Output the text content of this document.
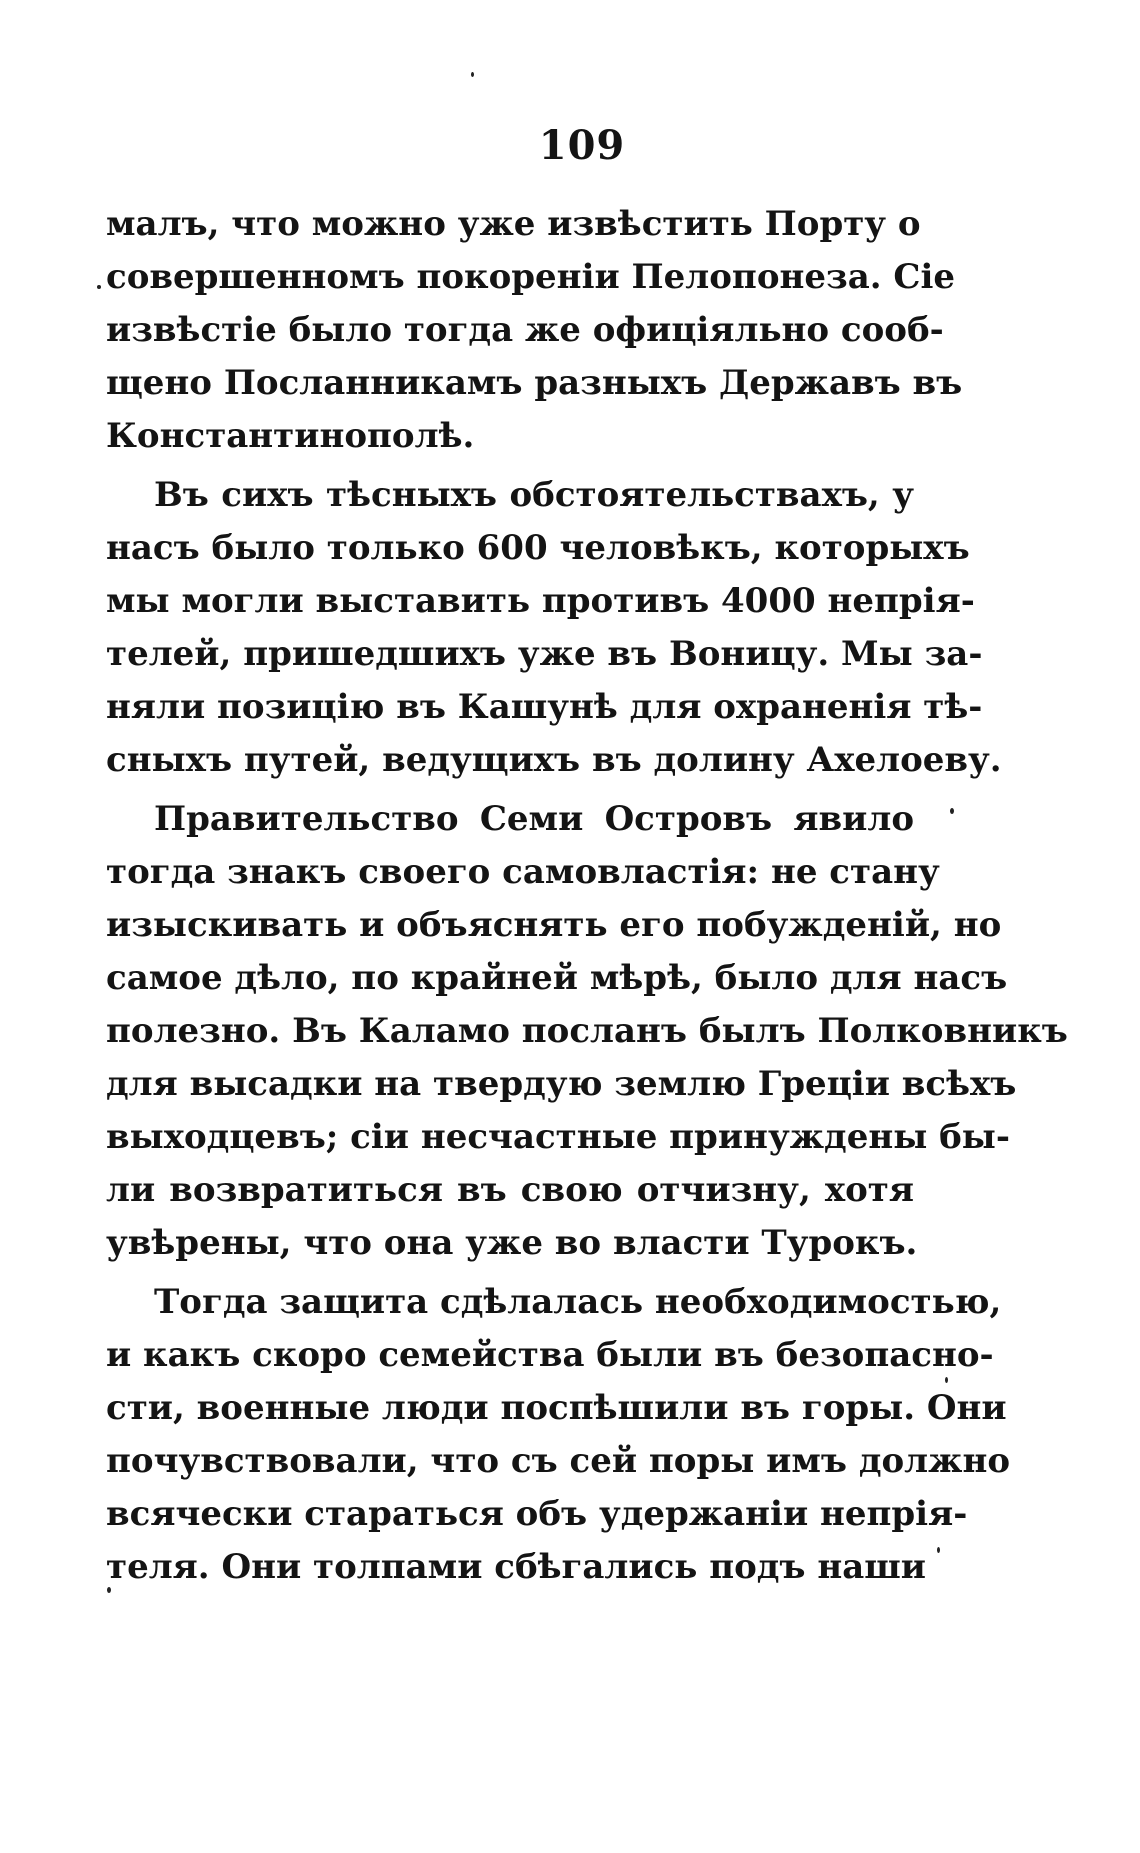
109
малъ, что можно уже извѣстить Порту о
совершенномъ покореніи Пелопонеза. Сіе
извѣстіе было тогда же офиціяльно сооб-
щено Посланникамъ разныхъ Державъ въ
Константинополѣ.
Въ сихъ тѣсныхъ обстоятельствахъ, у
насъ было только 600 человѣкъ, которыхъ
мы могли выставить противъ 4000 непрія-
телей, пришедшихъ уже въ Воницу. Мы за-
няли позицію въ Кашунѣ для охраненія тѣ-
сныхъ путей, ведущихъ въ долину Ахелоеву.
Правительство Семи Островъ явило
тогда знакъ своего самовластія: не стану
изыскивать и объяснять его побужденій, но
самое дѣло, по крайней мѣрѣ, было для насъ
полезно. Въ Каламо посланъ былъ Полковникъ
для высадки на твердую землю Греціи всѣхъ
выходцевъ; сіи несчастные принуждены бы-
ли возвратиться въ свою отчизну, хотя
увѣрены, что она уже во власти Турокъ.
Тогда защита сдѣлалась необходимостью,
и какъ скоро семейства были въ безопасно-
сти, военные люди поспѣшили въ горы. Они
почувствовали, что съ сей поры имъ должно
всячески стараться объ удержаніи непрія-
теля. Они толпами сбѣгались подъ наши
